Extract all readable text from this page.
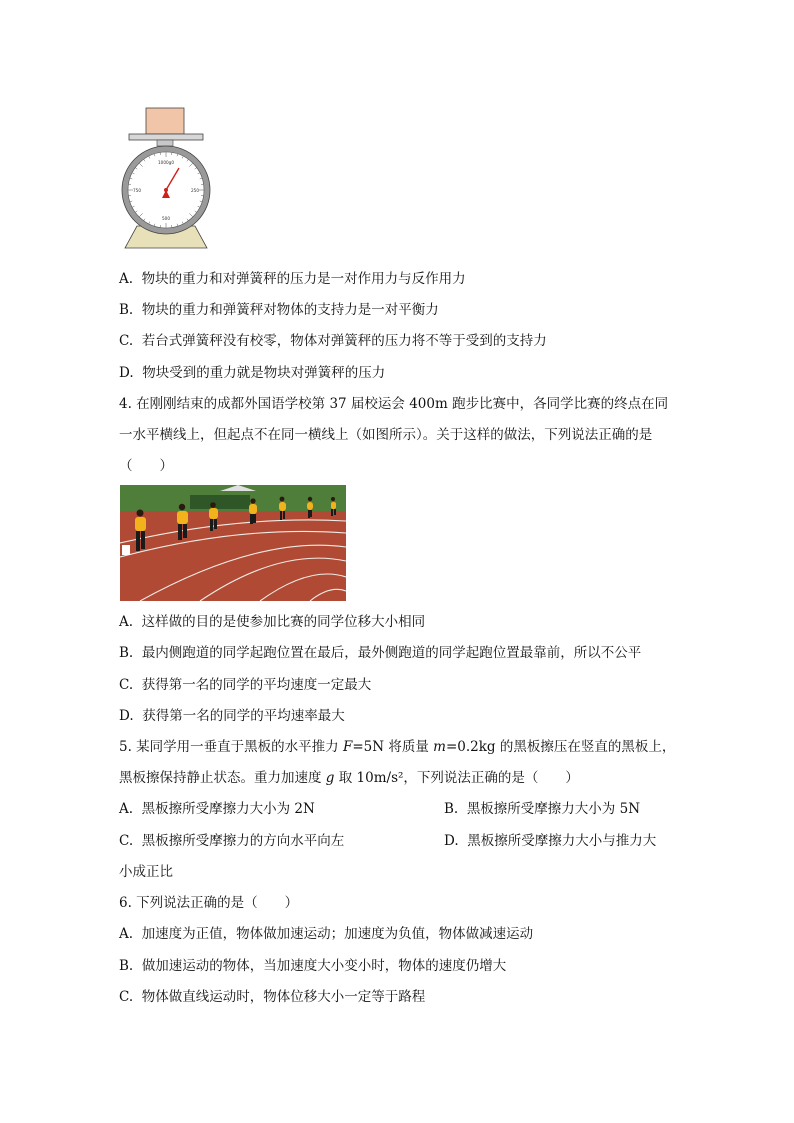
1000g0
250
500
750
A. 物块的重力和对弹簧秤的压力是一对作用力与反作用力
B. 物块的重力和弹簧秤对物体的支持力是一对平衡力
C. 若台式弹簧秤没有校零，物体对弹簧秤的压力将不等于受到的支持力
D. 物块受到的重力就是物块对弹簧秤的压力
4. 在刚刚结束的成都外国语学校第 37 届校运会 400m 跑步比赛中，各同学比赛的终点在同
一水平横线上，但起点不在同一横线上（如图所示）。关于这样的做法，下列说法正确的是
（　　）
A. 这样做的目的是使参加比赛的同学位移大小相同
B. 最内侧跑道的同学起跑位置在最后，最外侧跑道的同学起跑位置最靠前，所以不公平
C. 获得第一名的同学的平均速度一定最大
D. 获得第一名的同学的平均速率最大
5. 某同学用一垂直于黑板的水平推力 F=5N 将质量 m=0.2kg 的黑板擦压在竖直的黑板上，
黑板擦保持静止状态。重力加速度 g 取 10m/s²，下列说法正确的是（　　）
A. 黑板擦所受摩擦力大小为 2N	B. 黑板擦所受摩擦力大小为 5N
C. 黑板擦所受摩擦力的方向水平向左	D. 黑板擦所受摩擦力大小与推力大
小成正比
6. 下列说法正确的是（　　）
A. 加速度为正值，物体做加速运动；加速度为负值，物体做减速运动
B. 做加速运动的物体，当加速度大小变小时，物体的速度仍增大
C. 物体做直线运动时，物体位移大小一定等于路程
